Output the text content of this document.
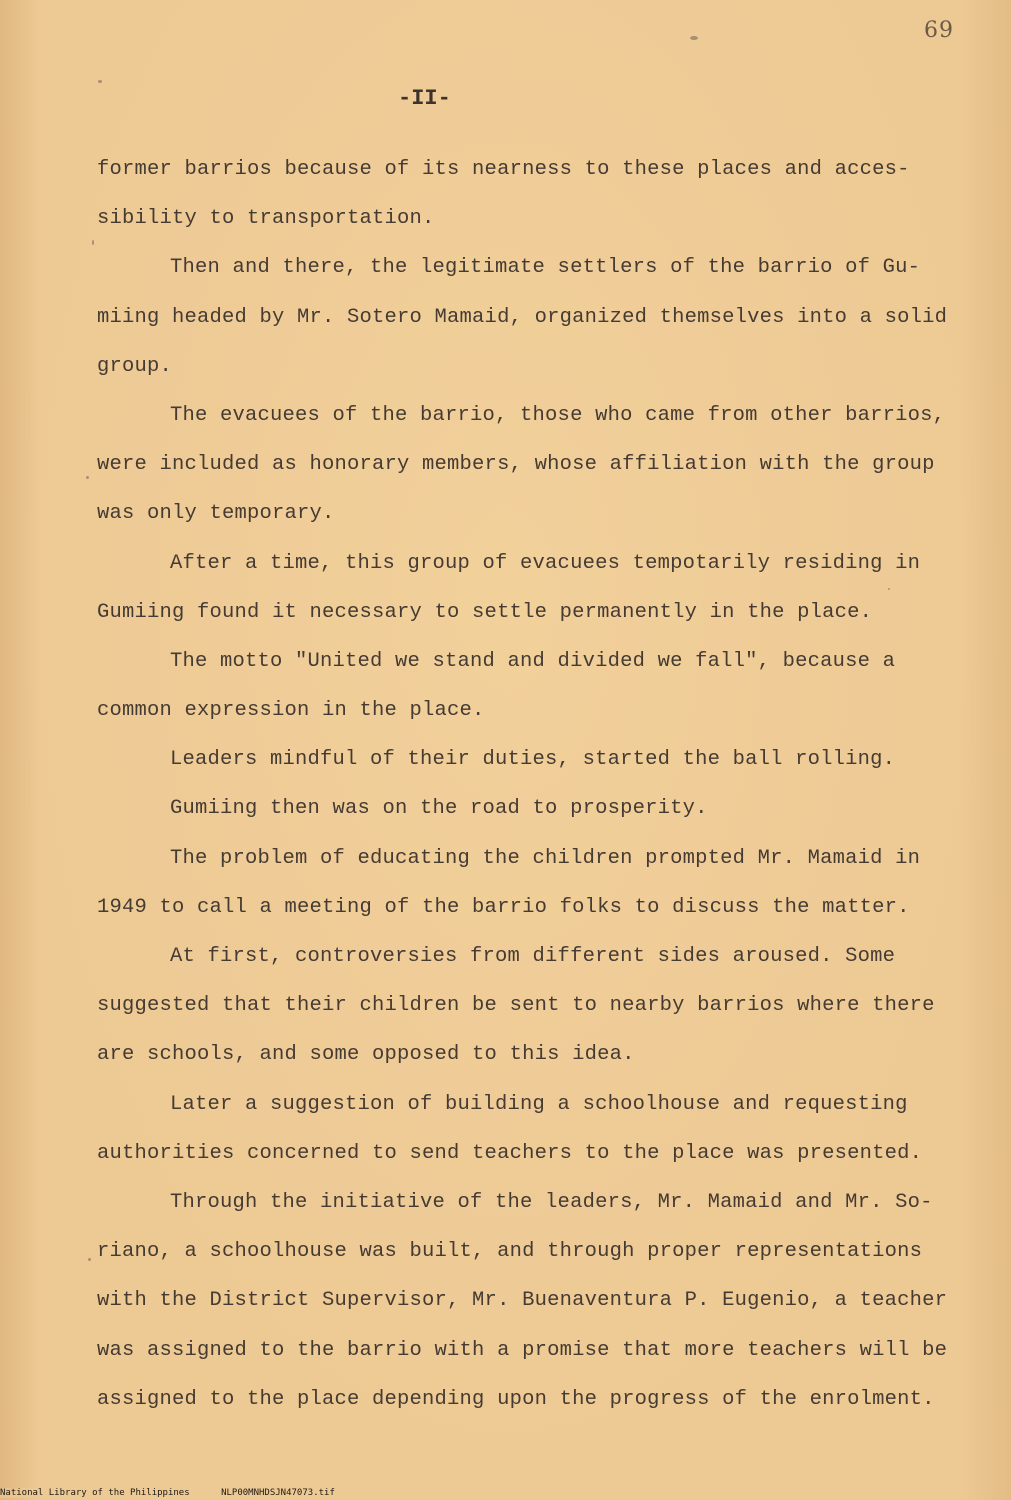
69
-II-
former barrios because of its nearness to these places and acces-
sibility to transportation.
Then and there, the legitimate settlers of the barrio of Gu-
miing headed by Mr. Sotero Mamaid, organized themselves into a solid
group.
The evacuees of the barrio, those who came from other barrios,
were included as honorary members, whose affiliation with the group
was only temporary.
After a time, this group of evacuees tempotarily residing in
Gumiing found it necessary to settle permanently in the place.
The motto "United we stand and divided we fall", because a
common expression in the place.
Leaders mindful of their duties, started the ball rolling.
Gumiing then was on the road to prosperity.
The problem of educating the children prompted Mr. Mamaid in
1949 to call a meeting of the barrio folks to discuss the matter.
At first, controversies from different sides aroused. Some
suggested that their children be sent to nearby barrios where there
are schools, and some opposed to this idea.
Later a suggestion of building a schoolhouse and requesting
authorities concerned to send teachers to the place was presented.
Through the initiative of the leaders, Mr. Mamaid and Mr. So-
riano, a schoolhouse was built, and through proper representations
with the District Supervisor, Mr. Buenaventura P. Eugenio, a teacher
was assigned to the barrio with a promise that more teachers will be
assigned to the place depending upon the progress of the enrolment.
National Library of the Philippines	NLP00MNHDSJN47073.tif
